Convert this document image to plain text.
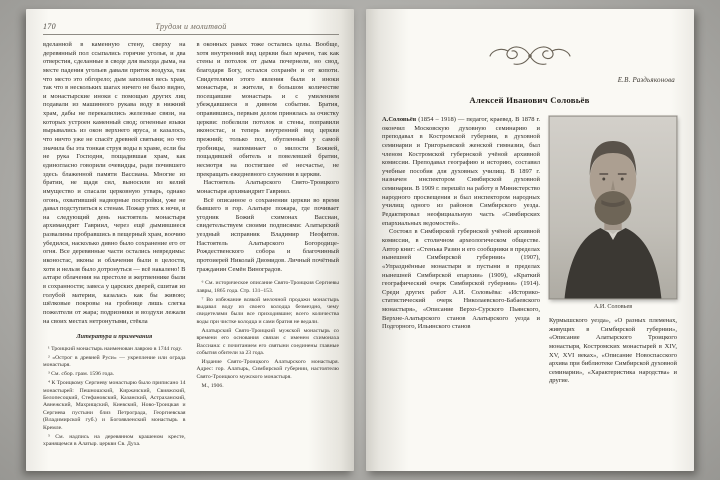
170	Трудом и молитвой

вделанной в каменную стену, сверху на деревянный пол ссыпались горячие уголья, и два отверстия, сделанные в своде для выхода дыма, на месте падения угольев давали приток воздуха, так что место это обгорело; дым заполнял весь храм, так что в нескольких шагах ничего не было видно, и монастырские иноки с помощью других лиц подавали из машинного рукава воду в нижний храм, дабы не перекалились железные связи, на которых устроен каменный свод; огненные языки вырывались из окон верхнего яруса, и казалось, что ничто уже не спасёт древней святыни; но что значила бы эта тонкая струя воды в храме, если бы не рука Господня, пощадившая храм, как единогласно говорили очевидцы, ради почившего здесь блаженной памяти Вассиана. Многие из братии, не щадя сил, выносили из келий имущество и спасали церковную утварь, однако огонь, охвативший надворные постройки, уже не давал подступиться к стенам. Пожар утих к ночи, и на следующий день настоятель монастыря архимандрит Гавриил, через ещё дымившиеся развалины пробравшись в пещерный храм, воочию убедился, насколько дивно было сохранение его от огня. Все деревянные части остались невредимы: иконостас, иконы и облачения были в целости, хотя и нельзя было дотронуться — всё накалено! В алтаре облачения на престоле и жертвеннике были в сохранности; завеса у царских дверей, сшитая из голубой материи, казалась как бы живою; шёлковые покровы на гробнице лишь слегка пожелтели от жара; подризники и воздухи лежали на своих местах нетронутыми, стёкла

Литература и примечания

¹ Троицкий монастырь наименован лаврою в 1744 году.

² «Острог в древней Руси» — укрепление или ограда монастыря.

³ См. сбор. грам. 1596 года.

⁴ К Троицкому Сергиеву монастырю было приписано 14 монастырей: Пешношский, Киржачский, Свияжский, Белопесоцкий, Стефановский, Казанский, Астраханский, Авнежский, Махрищский, Киевский, Ново-Троицкая и Сергиева пустыни близ Петрограда, Георгиевская (Владимирской губ.) и Богоявленский монастырь в Кремле.

⁵ См. надпись на деревянном крашеном кресте, хранящемся в Алатыр. церкви Св. Духа.

в оконных рамах тоже остались целы. Вообще, хотя внутренний вид церкви был мрачен, так как стены и потолок от дыма почернели, но свод, благодаря Богу, остался сохранён и от копоти. Свидетелями этого явления были и иноки монастыря, и жители, в большом количестве посещавшие монастырь и с умилением убеждавшиеся в дивном событии. Братия, оправившись, первым делом принялась за очистку церкви: побелили потолок и стены, поправили иконостас, и теперь внутренний вид церкви прежний; только пол, обугленный у самой гробницы, напоминает о милости Божией, пощадившей обитель и повелевшей братии, несмотря на постигшее её несчастье, не прекращать ежедневного служения в церкви.

Настоятель Алатырского Свято-Троицкого монастыря архимандрит Гавриил.

Всё описанное о сохранении церкви во время бывшего в гор. Алатыре пожара, где почивает угодник Божий схимонах Вассиан, свидетельствуем своими подписями: Алатырский уездный исправник Владимир Неофитов. Настоятель Алатырского Богородице-Рождественского собора и благочинный протоиерей Николай Диомидов. Личный почётный гражданин Семён Виноградов.

⁶ См. историческое описание Свято-Троицкия Сергиевы лавры, 1865 года. Стр. 131–153.

⁷ Во избежание всякой мелочной продажи монастырь выдавал воду из своего колодца безмездно, чему свидетелями были все приходившие; всего количества воды при чистке колодца и сами братия не ведали.

Алатырский Свято-Троицкий мужской монастырь со времени его основания связан с именем схимонаха Вассиана: с почитанием его святыни соединены главные события обители за 23 года.

Издание Свято-Троицкого Алатырского монастыря. Адрес: гор. Алатырь, Симбирской губернии, настоятелю Свято-Троицкого мужского монастыря.

М., 1906.

Е.В. Раздьяконова
Алексей Иванович Соловьёв

А.Соловьёв (1854 – 1918) — педагог, краевед. В 1878 г. окончил Московскую духовную семинарию и преподавал в Костромской губернии, в духовной семинарии и Григорьевской женской гимназии, был членом Костромской губернской учёной архивной комиссии. Преподавал географию и историю, составил учебные пособия для духовных училищ. В 1897 г. назначен инспектором Симбирской духовной семинарии. В 1909 г. перешёл на работу в Министерство народного просвещения и был инспектором народных училищ одного из районов Симбирского уезда. Редактировал неофициальную часть «Симбирских епархиальных ведомостей».

Состоял в Симбирской губернской учёной архивной комиссии, в столичном археологическом обществе. Автор книг: «Стенька Разин и его сообщники в пределах нынешней Симбирской губернии» (1907), «Упразднённые монастыри и пустыни в пределах нынешней Симбирской епархии» (1909), «Краткий географический очерк Симбирской губернии» (1914). Среди других работ А.И. Соловьёва: «Историко-статистический очерк Николаевского-Бабаевского монастыря», «Описание Верхо-Сурского Пьянского, Верхне-Алатырского станов Алатырского уезда и Подгорного, Ильинского станов

А.И. Соловьев

Курмышского уезда», «О разных племенах, живущих в Симбирской губернии», «Описание Алатырского Троицкого монастыря, Костромских монастырей в XIV, XV, XVI веках», «Описание Новоспасского архива при библиотеке Симбирской духовной семинарии», «Характеристика народства» и другие.
